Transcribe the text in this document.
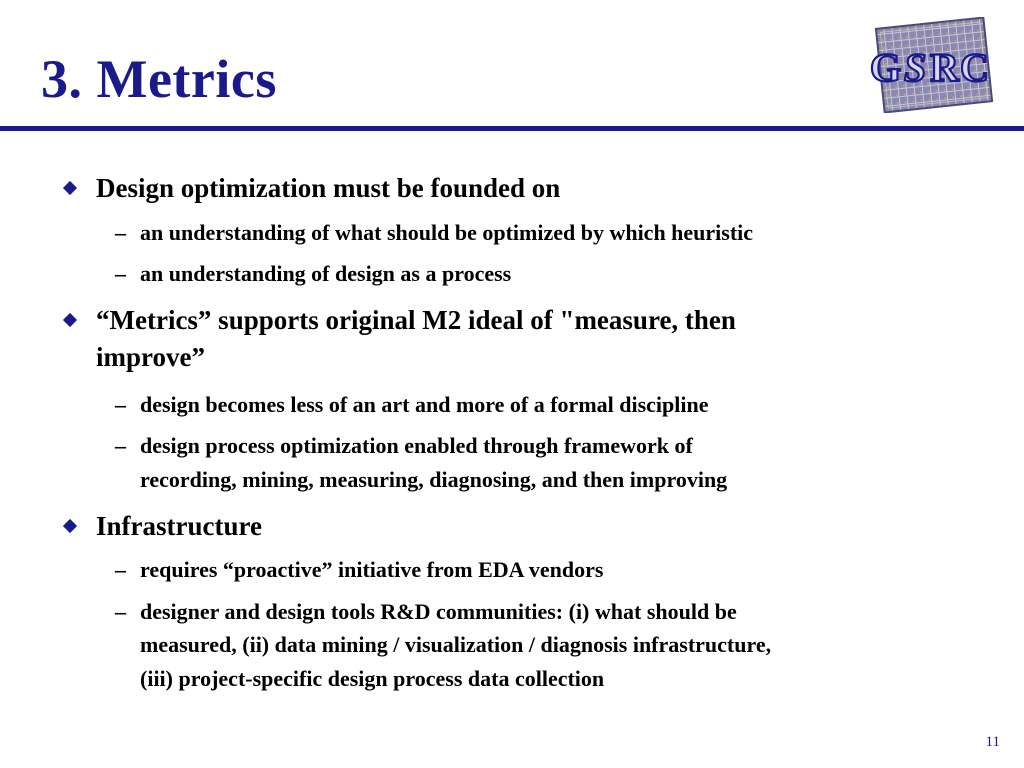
3. Metrics	G S R C
Design optimization must be founded on
– an understanding of what should be optimized by which heuristic
– an understanding of design as a process
“Metrics” supports original M2 ideal of "measure, then
improve”
– design becomes less of an art and more of a formal discipline
– design process optimization enabled through framework of
recording, mining, measuring, diagnosing, and then improving
Infrastructure
– requires “proactive” initiative from EDA vendors
– designer and design tools R&D communities: (i) what should be
measured, (ii) data mining / visualization / diagnosis infrastructure,
(iii) project-specific design process data collection
11
